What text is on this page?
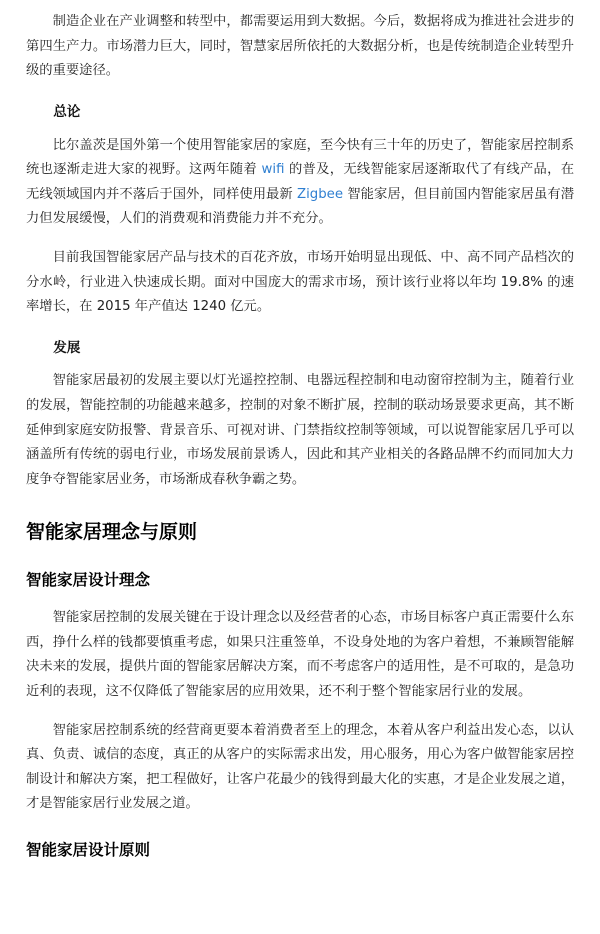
制造企业在产业调整和转型中，都需要运用到大数据。今后，数据将成为推进社会进步的第四生产力。市场潜力巨大，同时，智慧家居所依托的大数据分析，也是传统制造企业转型升级的重要途径。

总论

比尔盖茨是国外第一个使用智能家居的家庭，至今快有三十年的历史了，智能家居控制系统也逐渐走进大家的视野。这两年随着 wifi 的普及，无线智能家居逐渐取代了有线产品，在无线领域国内并不落后于国外，同样使用最新 Zigbee 智能家居，但目前国内智能家居虽有潜力但发展缓慢，人们的消费观和消费能力并不充分。

目前我国智能家居产品与技术的百花齐放，市场开始明显出现低、中、高不同产品档次的分水岭，行业进入快速成长期。面对中国庞大的需求市场，预计该行业将以年均 19.8% 的速率增长，在 2015 年产值达 1240 亿元。

发展

智能家居最初的发展主要以灯光遥控控制、电器远程控制和电动窗帘控制为主，随着行业的发展，智能控制的功能越来越多，控制的对象不断扩展，控制的联动场景要求更高，其不断延伸到家庭安防报警、背景音乐、可视对讲、门禁指纹控制等领域，可以说智能家居几乎可以涵盖所有传统的弱电行业，市场发展前景诱人，因此和其产业相关的各路品牌不约而同加大力度争夺智能家居业务，市场渐成春秋争霸之势。

智能家居理念与原则
智能家居设计理念

智能家居控制的发展关键在于设计理念以及经营者的心态，市场目标客户真正需要什么东西，挣什么样的钱都要慎重考虑，如果只注重签单，不设身处地的为客户着想，不兼顾智能解决未来的发展，提供片面的智能家居解决方案，而不考虑客户的适用性，是不可取的，是急功近利的表现，这不仅降低了智能家居的应用效果，还不利于整个智能家居行业的发展。

智能家居控制系统的经营商更要本着消费者至上的理念，本着从客户利益出发心态，以认真、负责、诚信的态度，真正的从客户的实际需求出发，用心服务，用心为客户做智能家居控制设计和解决方案，把工程做好，让客户花最少的钱得到最大化的实惠，才是企业发展之道，才是智能家居行业发展之道。

智能家居设计原则
